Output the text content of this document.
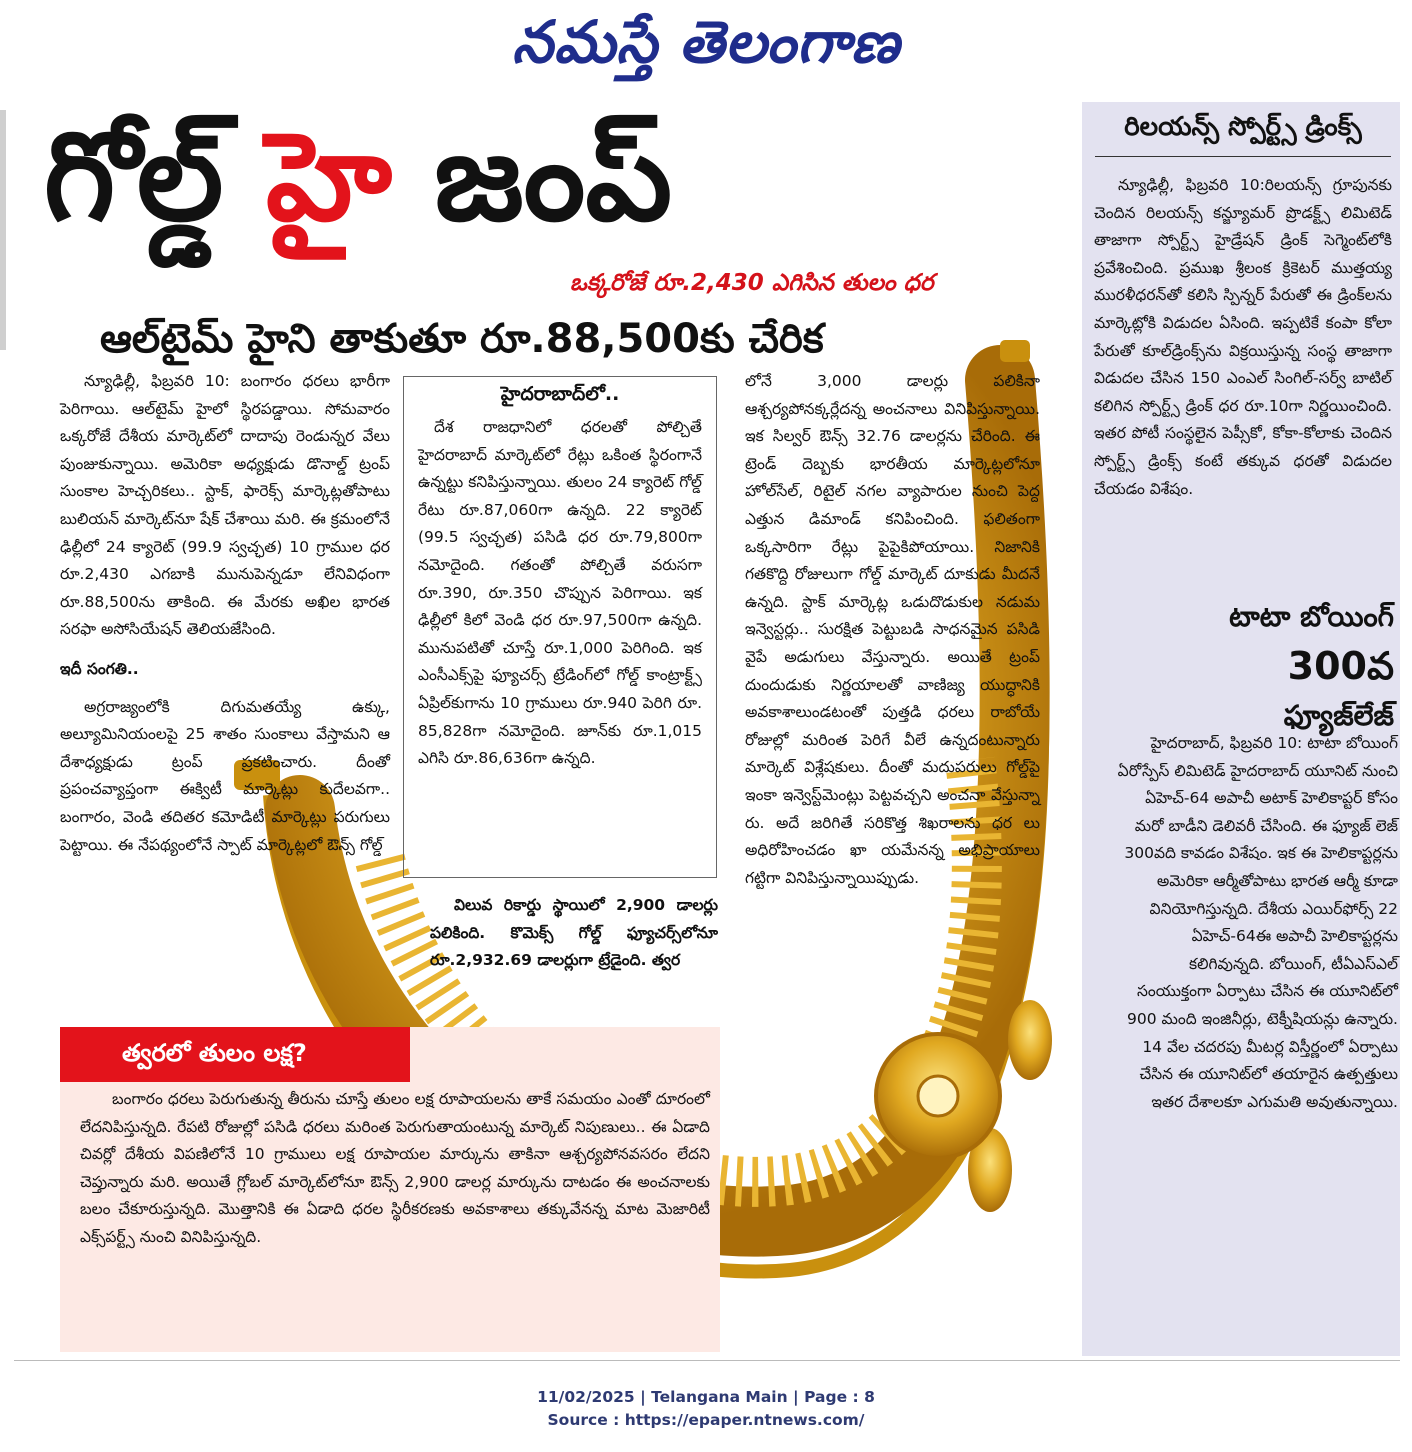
నమస్తే తెలంగాణ
గోల్డ్ హై జంప్
ఒక్కరోజే రూ.2,430 ఎగిసిన తులం ధర
ఆల్‌టైమ్ హైని తాకుతూ రూ.88,500కు చేరిక

న్యూఢిల్లీ, ఫిబ్రవరి 10: బంగారం ధరలు భారీగా పెరిగాయి. ఆల్‌టైమ్ హైలో స్థిరపడ్డాయి. సోమవారం ఒక్కరోజే దేశీయ మార్కెట్‌లో దాదాపు రెండున్నర వేలు పుంజుకున్నాయి. అమెరికా అధ్యక్షుడు డొనాల్డ్ ట్రంప్ సుంకాల హెచ్చరికలు.. స్టాక్, ఫారెక్స్ మార్కెట్లతోపాటు బులియన్ మార్కెట్‌నూ షేక్ చేశాయి మరి. ఈ క్రమంలోనే ఢిల్లీలో 24 క్యారెట్ (99.9 స్వచ్ఛత) 10 గ్రాముల ధర రూ.2,430 ఎగబాకి మునుపెన్నడూ లేనివిధంగా రూ.88,500ను తాకింది. ఈ మేరకు అఖిల భారత సరఫా అసోసియేషన్ తెలియజేసింది.

ఇదీ సంగతి..

అగ్రరాజ్యంలోకి దిగుమతయ్యే ఉక్కు, అల్యూమినియంలపై 25 శాతం సుంకాలు వేస్తామని ఆ దేశాధ్యక్షుడు ట్రంప్ ప్రకటించారు. దీంతో ప్రపంచవ్యాప్తంగా ఈక్విటీ మార్కెట్లు కుదేలవగా.. బంగారం, వెండి తదితర కమోడిటీ మార్కెట్లు పరుగులు పెట్టాయి. ఈ నేపథ్యంలోనే స్పాట్ మార్కెట్లలో ఔన్స్ గోల్డ్

హైదరాబాద్‌లో..

దేశ రాజధానిలో ధరలతో పోల్చితే హైదరాబాద్ మార్కెట్‌లో రేట్లు ఒకింత స్థిరంగానే ఉన్నట్టు కనిపిస్తున్నాయి. తులం 24 క్యారెట్ గోల్డ్ రేటు రూ.87,060గా ఉన్నది. 22 క్యారెట్ (99.5 స్వచ్ఛత) పసిడి ధర రూ.79,800గా నమోదైంది. గతంతో పోల్చితే వరుసగా రూ.390, రూ.350 చొప్పున పెరిగాయి. ఇక ఢిల్లీలో కిలో వెండి ధర రూ.97,500గా ఉన్నది. మునుపటితో చూస్తే రూ.1,000 పెరిగింది. ఇక ఎంసీఎక్స్‌పై ఫ్యూచర్స్ ట్రేడింగ్‌లో గోల్డ్ కాంట్రాక్ట్స్ ఏప్రిల్‌కుగాను 10 గ్రాములు రూ.940 పెరిగి రూ. 85,828గా నమోదైంది. జూన్‌కు రూ.1,015 ఎగిసి రూ.86,636గా ఉన్నది.

విలువ రికార్డు స్థాయిలో 2,900 డాలర్లు పలికింది. కొమెక్స్ గోల్డ్ ఫ్యూచర్స్‌లోనూ రూ.2,932.69 డాలర్లుగా ట్రేడైంది. త్వర

లోనే 3,000 డాలర్లు పలికినా ఆశ్చర్యపోనక్కర్లేదన్న అంచనాలు వినిపిస్తున్నాయి. ఇక సిల్వర్ ఔన్స్ 32.76 డాలర్లను చేరింది. ఈ ట్రెండ్ దెబ్బకు భారతీయ మార్కెట్లలోనూ హోల్‌సేల్, రిటైల్ నగల వ్యాపారుల నుంచి పెద్ద ఎత్తున డిమాండ్ కనిపించింది. ఫలితంగా ఒక్కసారిగా రేట్లు పైపైకిపోయాయి. నిజానికి గతకొద్ది రోజులుగా గోల్డ్ మార్కెట్ దూకుడు మీదనే ఉన్నది. స్టాక్ మార్కెట్ల ఒడుదొడుకుల నడుమ ఇన్వెస్టర్లు.. సురక్షిత పెట్టుబడి సాధనమైన పసిడి వైపే అడుగులు వేస్తున్నారు. అయితే ట్రంప్ దుందుడుకు నిర్ణయాలతో వాణిజ్య యుద్ధానికి అవకాశాలుండటంతో పుత్తడి ధరలు రాబోయే రోజుల్లో మరింత పెరిగే వీలే ఉన్నదంటున్నారు మార్కెట్ విశ్లేషకులు. దీంతో మదుపరులు గోల్డ్‌పై ఇంకా ఇన్వెస్ట్‌మెంట్లు పెట్టవచ్చని అంచనా వేస్తున్నా రు. అదే జరిగితే సరికొత్త శిఖరాలను ధర లు అధిరోహించడం ఖా యమేనన్న అభిప్రాయాలు గట్టిగా వినిపిస్తున్నాయిప్పుడు.

త్వరలో తులం లక్ష?

బంగారం ధరలు పెరుగుతున్న తీరును చూస్తే తులం లక్ష రూపాయలను తాకే సమయం ఎంతో దూరంలో లేదనిపిస్తున్నది. రేపటి రోజుల్లో పసిడి ధరలు మరింత పెరుగుతాయంటున్న మార్కెట్ నిపుణులు.. ఈ ఏడాది చివర్లో దేశీయ విపణిలోనే 10 గ్రాములు లక్ష రూపాయల మార్కును తాకినా ఆశ్చర్యపోనవసరం లేదని చెప్తున్నారు మరి. అయితే గ్లోబల్ మార్కెట్‌లోనూ ఔన్స్ 2,900 డాలర్ల మార్కును దాటడం ఈ అంచనాలకు బలం చేకూరుస్తున్నది. మొత్తానికి ఈ ఏడాది ధరల స్థిరీకరణకు అవకాశాలు తక్కువేనన్న మాట మెజారిటీ ఎక్స్‌పర్ట్స్ నుంచి వినిపిస్తున్నది.

రిలయన్స్ స్పోర్ట్స్ డ్రింక్స్

న్యూఢిల్లీ, ఫిబ్రవరి 10:రిలయన్స్ గ్రూపునకు చెందిన రిలయన్స్ కన్జ్యూమర్ ప్రొడక్ట్స్ లిమిటెడ్ తాజాగా స్పోర్ట్స్ హైడ్రేషన్ డ్రింక్ సెగ్మెంట్‌లోకి ప్రవేశించింది. ప్రముఖ శ్రీలంక క్రికెటర్ ముత్తయ్య మురళీధరన్‌తో కలిసి స్పిన్నర్ పేరుతో ఈ డ్రింక్‌లను మార్కెట్లోకి విడుదల ఏసింది. ఇప్పటికే కంపా కోలా పేరుతో కూల్‌డ్రింక్స్‌ను విక్రయిస్తున్న సంస్థ తాజాగా విడుదల చేసిన 150 ఎంఎల్ సింగిల్-సర్వ్ బాటిల్ కలిగిన స్పోర్ట్స్ డ్రింక్ ధర రూ.10గా నిర్ణయించింది. ఇతర పోటీ సంస్థలైన పెప్సీకో, కోకా-కోలాకు చెందిన స్పోర్ట్స్ డ్రింక్స్ కంటే తక్కువ ధరతో విడుదల చేయడం విశేషం.

టాటా బోయింగ్
300వ
ఫ్యూజ్‌లేజ్

హైదరాబాద్, ఫిబ్రవరి 10: టాటా బోయింగ్ ఏరోస్పేస్ లిమిటెడ్ హైదరాబాద్ యూనిట్ నుంచి ఏహెచ్-64 అపాచీ అటాక్ హెలికాప్టర్ కోసం మరో బాడీని డెలివరీ చేసింది. ఈ ఫ్యూజ్ లెజ్ 300వది కావడం విశేషం. ఇక ఈ హెలికాప్టర్లను అమెరికా ఆర్మీతోపాటు భారత ఆర్మీ కూడా వినియోగిస్తున్నది. దేశీయ ఎయిర్‌ఫోర్స్ 22 ఏహెచ్-64ఈ అపాచీ హెలికాప్టర్లను కలిగివున్నది. బోయింగ్, టీఏఎస్ఎల్ సంయుక్తంగా ఏర్పాటు చేసిన ఈ యూనిట్‌లో 900 మంది ఇంజినీర్లు, టెక్నీషియన్లు ఉన్నారు. 14 వేల చదరపు మీటర్ల విస్తీర్ణంలో ఏర్పాటు చేసిన ఈ యూనిట్‌లో తయారైన ఉత్పత్తులు ఇతర దేశాలకూ ఎగుమతి అవుతున్నాయి.

11/02/2025 | Telangana Main | Page : 8
Source : https://epaper.ntnews.com/
